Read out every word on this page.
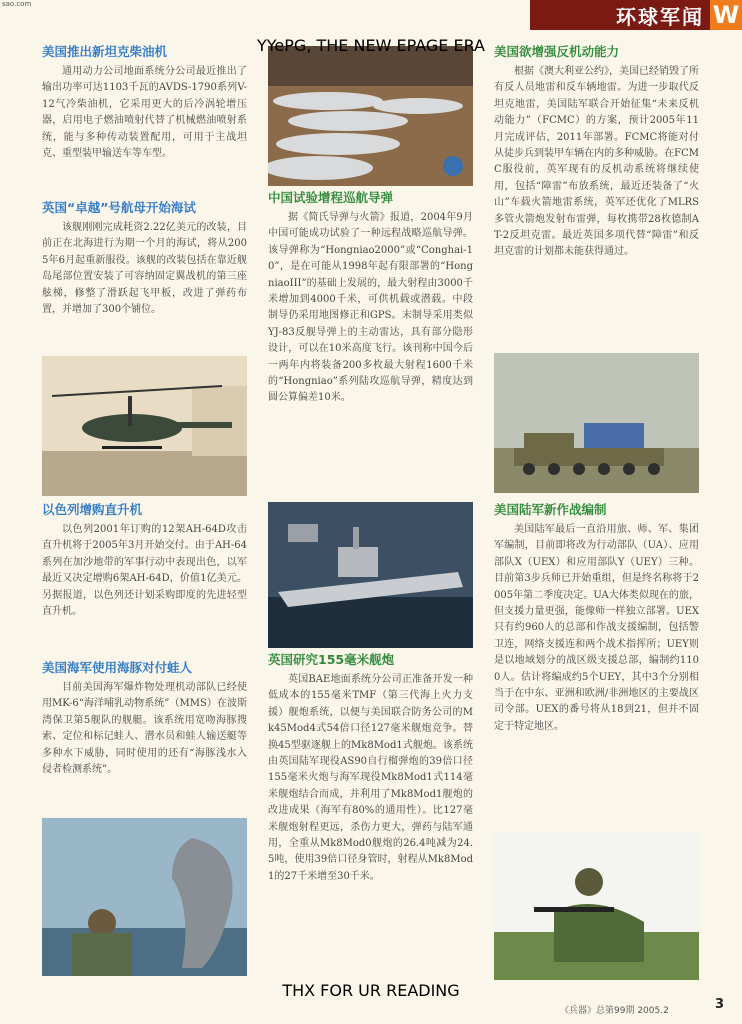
sao.com
环球军闻 W
美国推出新坦克柴油机

通用动力公司地面系统分公司最近推出了输出功率可达1103千瓦的AVDS-1790系列V-12气冷柴油机，它采用更大的后冷涡轮增压器，启用电子燃油喷射代替了机械燃油喷射系统，能与多种传动装置配用，可用于主战坦克、重型装甲输送车等车型。

英国“卓越”号航母开始海试

该舰刚刚完成耗资2.22亿美元的改装，目前正在北海进行为期一个月的海试，将从2005年6月起重新服役。该舰的改装包括在靠近舰岛尾部位置安装了可容纳固定翼战机的第三座舷梯，修整了滑跃起飞甲板，改进了弹药布置，并增加了300个铺位。

以色列增购直升机

以色列2001年订购的12架AH-64D攻击直升机将于2005年3月开始交付。由于AH-64系列在加沙地带的军事行动中表现出色，以军最近又决定增购6架AH-64D，价值1亿美元。另据报道，以色列还计划采购即度的先进轻型直升机。

美国海军使用海豚对付蛙人

目前美国海军爆炸物处理机动部队已经使用MK-6“海洋哺乳动物系统”（MMS）在波斯湾保卫第5舰队的舰艇。该系统用宽吻海豚搜索、定位和标记蛙人、潜水员和蛙人输送艇等多种水下威胁，同时使用的还有“海豚浅水入侵者检测系统”。

中国试验增程巡航导弹

据《简氏导弹与火箭》报道，2004年9月中国可能成功试验了一种远程战略巡航导弹。该导弹称为“Hongniao2000”或“Conghai-10”，是在可能从1998年起有限部署的“HongniaoIII”的基础上发展的，最大射程由3000千米增加到4000千米，可供机载或潜载。中段制导仍采用地图修正和GPS。末制导采用类似YJ-83反舰导弹上的主动雷达，具有部分隐形设计，可以在10米高度飞行。该刊称中国今后一两年内将装备200多枚最大射程1600千米的“Hongniao”系列陆攻巡航导弹，精度达到圆公算偏差10米。

英国研究155毫米舰炮

英国BAE地面系统分公司正准备开发一种低成本的155毫米TMF（第三代海上火力支援）舰炮系统，以便与美国联合防务公司的Mk45Mod4式54倍口径127毫米舰炮竞争。替换45型驱逐舰上的Mk8Mod1式舰炮。该系统由英国陆军现役AS90自行榴弹炮的39倍口径155毫米火炮与海军现役Mk8Mod1式114毫米舰炮结合而成，并利用了Mk8Mod1舰炮的改进成果（海军有80%的通用性）。比127毫米舰炮射程更远，杀伤力更大，弹药与陆军通用，全重从Mk8Mod0舰炮的26.4吨减为24.5吨，使用39倍口径身管时，射程从Mk8Mod1的27千米增至30千米。

美国欲增强反机动能力

根据《澳大利亚公约》，美国已经销毁了所有反人员地雷和反车辆地雷。为进一步取代反坦克地雷，美国陆军联合开始征集“未来反机动能力”（FCMC）的方案，预计2005年11月完成评估，2011年部署。FCMC将能对付从徒步兵到装甲车辆在内的多种威胁。在FCMC服役前，英军现有的反机动系统将继续使用，包括“障雷”布放系统，最近还装备了“火山”车载火箭地雷系统，英军还优化了MLRS多管火箭炮发射布雷弹，每枚携带28枚德制AT-2反坦克雷。最近英国多项代替“障雷”和反坦克雷的计划都未能获得通过。

美国陆军新作战编制

美国陆军最后一直沿用旅、师、军、集团军编制，目前即将改为行动部队（UA）、应用部队X（UEX）和应用部队Y（UEY）三种。目前第3步兵师已开始重组，但是终名称将于2005年第二季度决定。UA大体类似现在的旅，但支援力量更强，能像师一样独立部署。UEX只有约960人的总部和作战支援编制，包括警卫连，网络支援连和两个战术指挥所；UEY则是以地域划分的战区级支援总部，编制约1100人。估计将编成约5个UEY，其中3个分别相当于在中东、亚洲和欧洲/非洲地区的主要战区司令部。UEX的番号将从18到21，但并不固定于特定地区。

YYePG, THE NEW EPAGE ERA
THX FOR UR READING
《兵器》总第99期 2005.2	3
